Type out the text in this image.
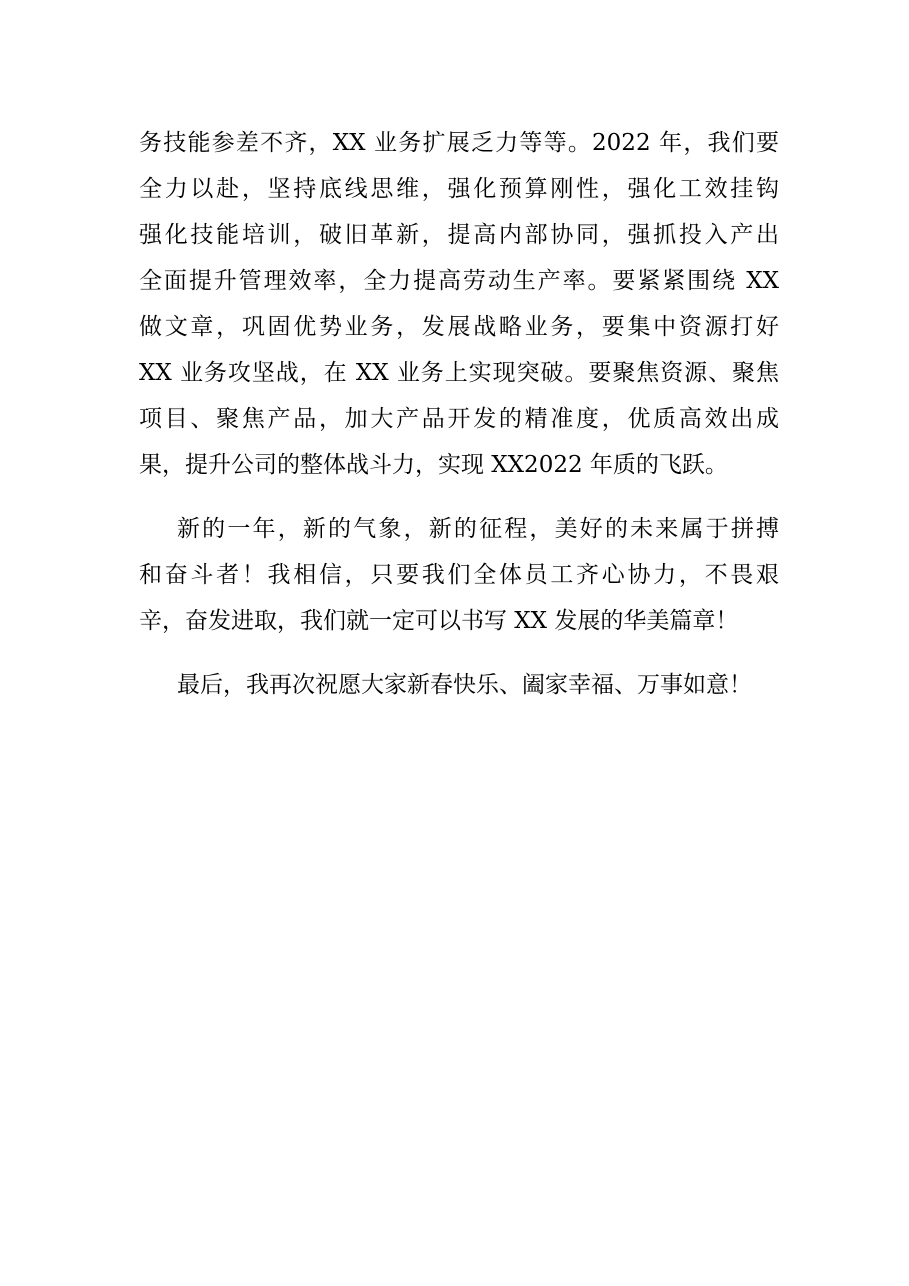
务技能参差不齐，XX 业务扩展乏力等等。2022 年，我们要
全力以赴，坚持底线思维，强化预算刚性，强化工效挂钩
强化技能培训，破旧革新，提高内部协同，强抓投入产出
全面提升管理效率，全力提高劳动生产率。要紧紧围绕 XX
做文章，巩固优势业务，发展战略业务，要集中资源打好
XX 业务攻坚战，在 XX 业务上实现突破。要聚焦资源、聚焦
项目、聚焦产品，加大产品开发的精准度，优质高效出成
果，提升公司的整体战斗力，实现 XX2022 年质的飞跃。
新的一年，新的气象，新的征程，美好的未来属于拼搏
和奋斗者！我相信，只要我们全体员工齐心协力，不畏艰
辛，奋发进取，我们就一定可以书写 XX 发展的华美篇章！
最后，我再次祝愿大家新春快乐、阖家幸福、万事如意！
